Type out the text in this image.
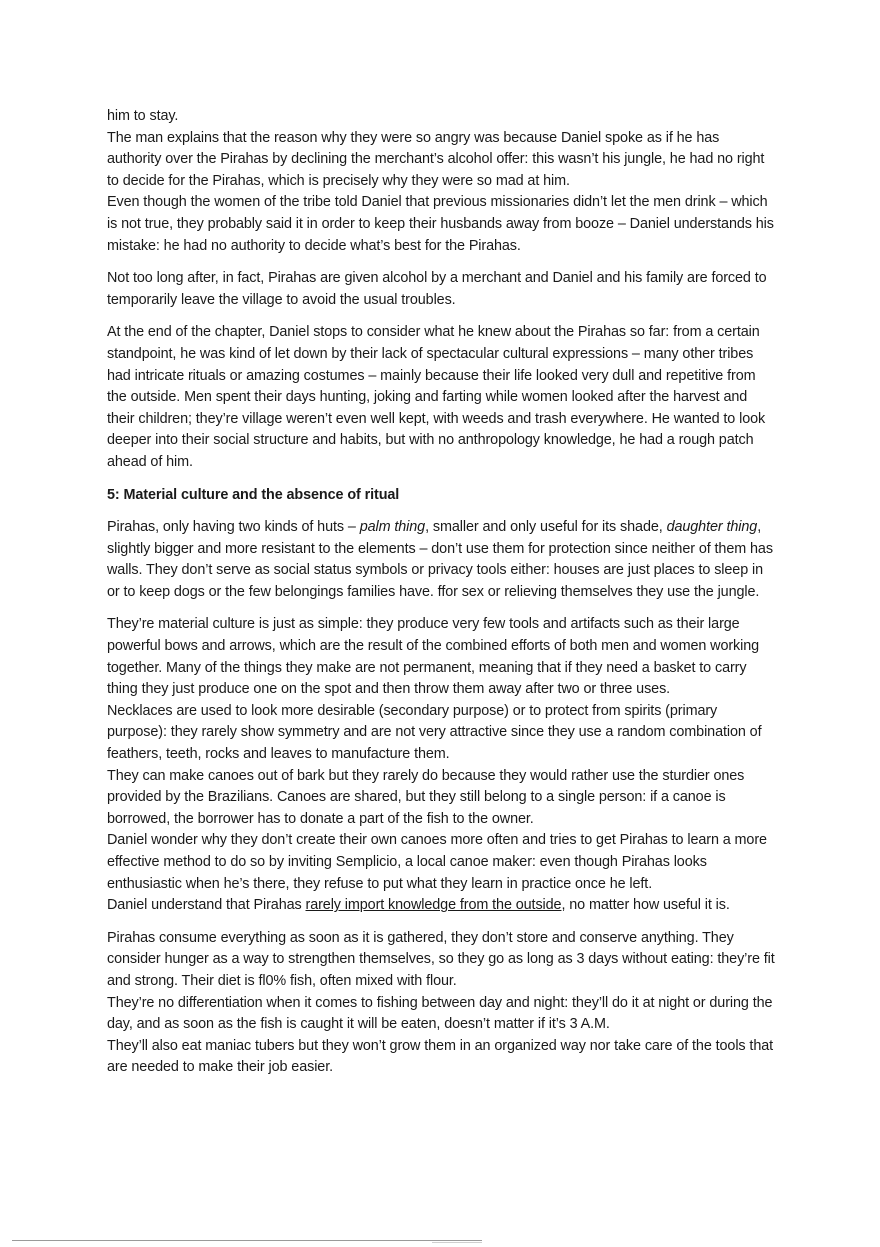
him to stay.

The man explains that the reason why they were so angry was because Daniel spoke as if he has authority over the Pirahas by declining the merchant’s alcohol offer: this wasn’t his jungle, he had no right to decide for the Pirahas, which is precisely why they were so mad at him.

Even though the women of the tribe told Daniel that previous missionaries didn’t let the men drink – which is not true, they probably said it in order to keep their husbands away from booze – Daniel understands his mistake: he had no authority to decide what’s best for the Pirahas.

Not too long after, in fact, Pirahas are given alcohol by a merchant and Daniel and his family are forced to temporarily leave the village to avoid the usual troubles.

At the end of the chapter, Daniel stops to consider what he knew about the Pirahas so far: from a certain standpoint, he was kind of let down by their lack of spectacular cultural expressions – many other tribes had intricate rituals or amazing costumes – mainly because their life looked very dull and repetitive from the outside. Men spent their days hunting, joking and farting while women looked after the harvest and their children; they’re village weren’t even well kept, with weeds and trash everywhere. He wanted to look deeper into their social structure and habits, but with no anthropology knowledge, he had a rough patch ahead of him.

5: Material culture and the absence of ritual

Pirahas, only having two kinds of huts – palm thing, smaller and only useful for its shade, daughter thing, slightly bigger and more resistant to the elements – don’t use them for protection since neither of them has walls. They don’t serve as social status symbols or privacy tools either: houses are just places to sleep in or to keep dogs or the few belongings families have. ffor sex or relieving themselves they use the jungle.

They’re material culture is just as simple: they produce very few tools and artifacts such as their large powerful bows and arrows, which are the result of the combined efforts of both men and women working together. Many of the things they make are not permanent, meaning that if they need a basket to carry thing they just produce one on the spot and then throw them away after two or three uses.

Necklaces are used to look more desirable (secondary purpose) or to protect from spirits (primary purpose): they rarely show symmetry and are not very attractive since they use a random combination of feathers, teeth, rocks and leaves to manufacture them.

They can make canoes out of bark but they rarely do because they would rather use the sturdier ones provided by the Brazilians. Canoes are shared, but they still belong to a single person: if a canoe is borrowed, the borrower has to donate a part of the fish to the owner.

Daniel wonder why they don’t create their own canoes more often and tries to get Pirahas to learn a more effective method to do so by inviting Semplicio, a local canoe maker: even though Pirahas looks enthusiastic when he’s there, they refuse to put what they learn in practice once he left.

Daniel understand that Pirahas rarely import knowledge from the outside, no matter how useful it is.

Pirahas consume everything as soon as it is gathered, they don’t store and conserve anything. They consider hunger as a way to strengthen themselves, so they go as long as 3 days without eating: they’re fit and strong. Their diet is fl0% fish, often mixed with flour.

They’re no differentiation when it comes to fishing between day and night: they’ll do it at night or during the day, and as soon as the fish is caught it will be eaten, doesn’t matter if it’s 3 A.M.

They’ll also eat maniac tubers but they won’t grow them in an organized way nor take care of the tools that are needed to make their job easier.
